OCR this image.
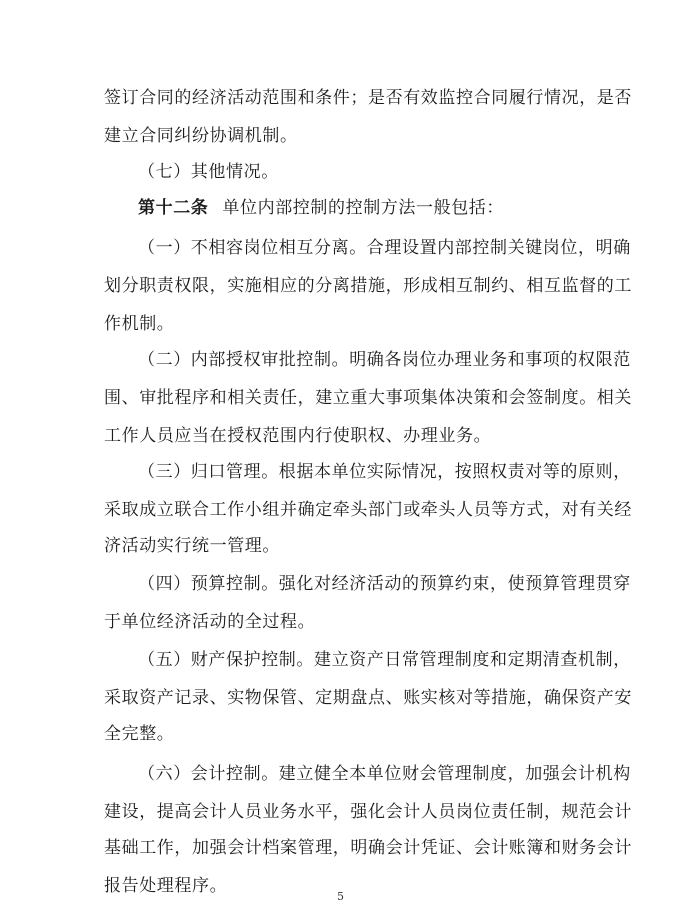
签订合同的经济活动范围和条件；是否有效监控合同履行情况，是否

建立合同纠纷协调机制。

（七）其他情况。

第十二条 单位内部控制的控制方法一般包括：

（一）不相容岗位相互分离。合理设置内部控制关键岗位，明确

划分职责权限，实施相应的分离措施，形成相互制约、相互监督的工

作机制。

（二）内部授权审批控制。明确各岗位办理业务和事项的权限范

围、审批程序和相关责任，建立重大事项集体决策和会签制度。相关

工作人员应当在授权范围内行使职权、办理业务。

（三）归口管理。根据本单位实际情况，按照权责对等的原则，

采取成立联合工作小组并确定牵头部门或牵头人员等方式，对有关经

济活动实行统一管理。

（四）预算控制。强化对经济活动的预算约束，使预算管理贯穿

于单位经济活动的全过程。

（五）财产保护控制。建立资产日常管理制度和定期清查机制，

采取资产记录、实物保管、定期盘点、账实核对等措施，确保资产安

全完整。

（六）会计控制。建立健全本单位财会管理制度，加强会计机构

建设，提高会计人员业务水平，强化会计人员岗位责任制，规范会计

基础工作，加强会计档案管理，明确会计凭证、会计账簿和财务会计

报告处理程序。

5
